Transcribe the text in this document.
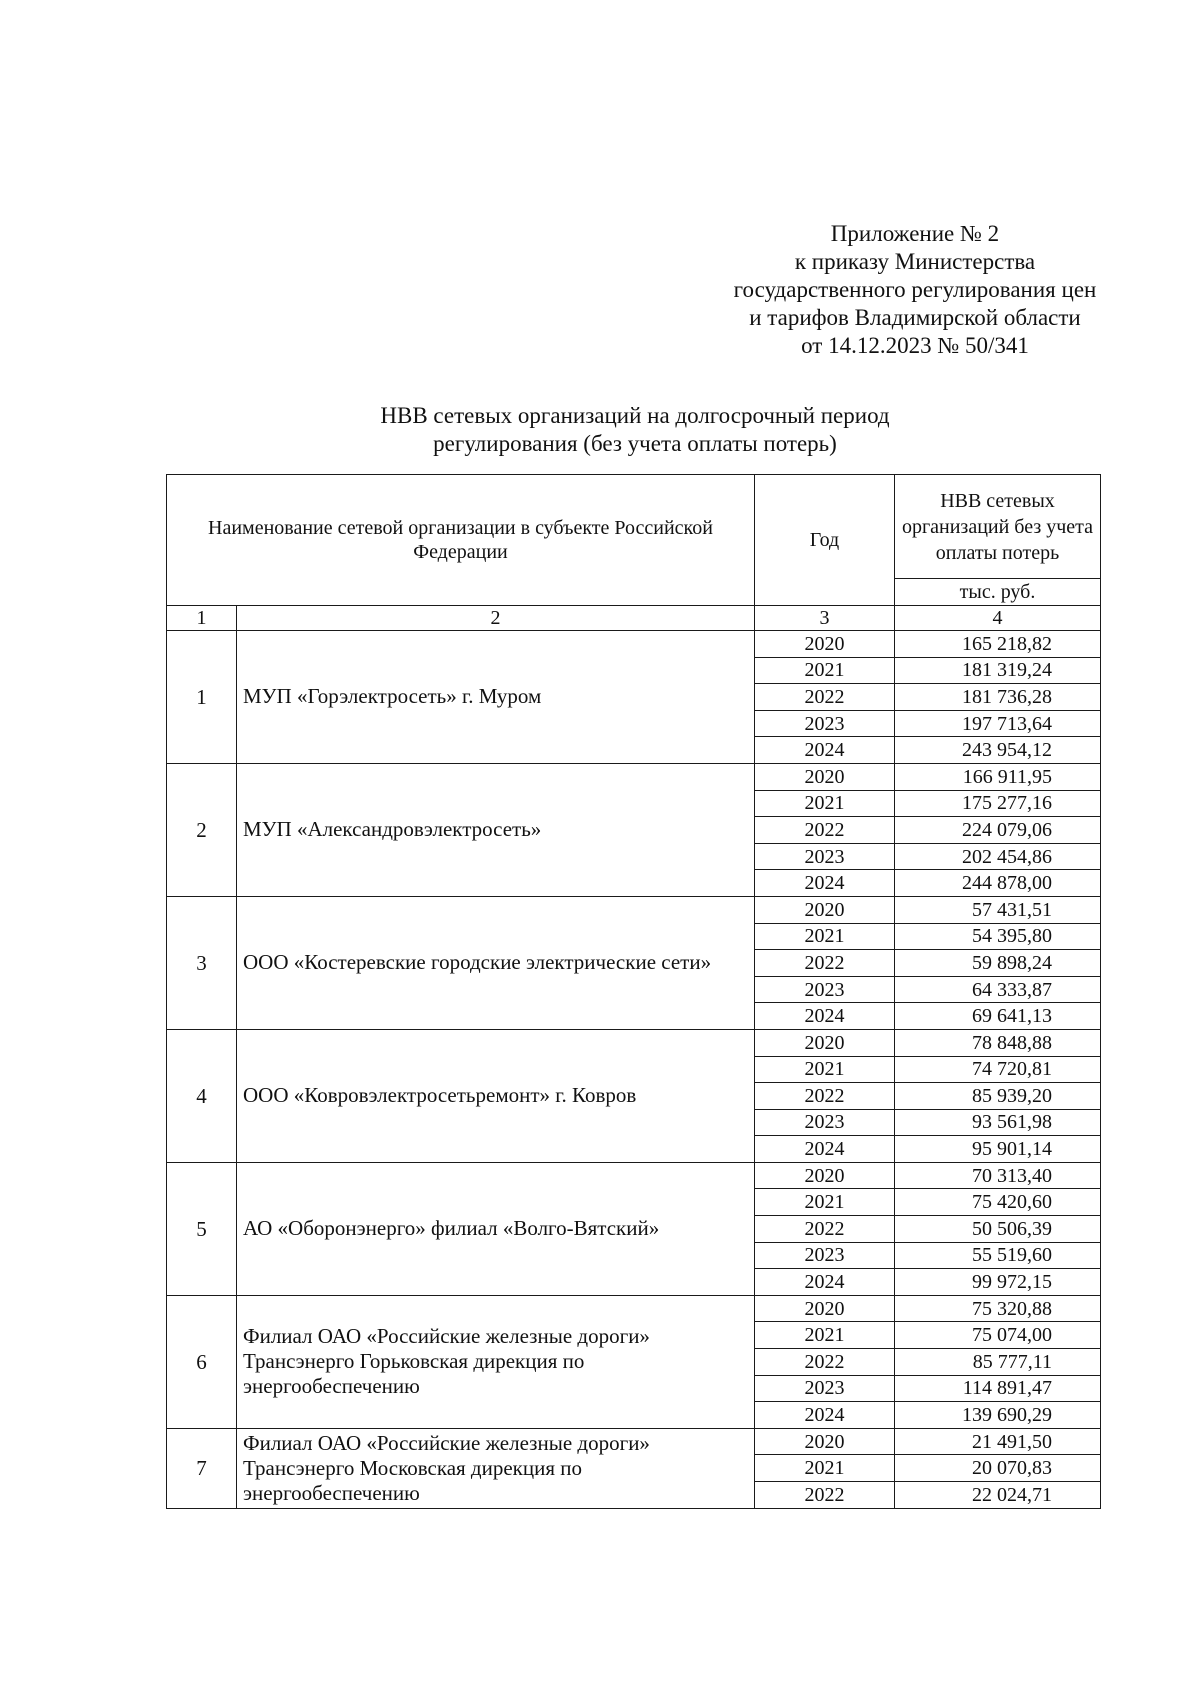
Приложение № 2
к приказу Министерства
государственного регулирования цен
и тарифов Владимирской области
от 14.12.2023 № 50/341
НВВ сетевых организаций на долгосрочный период
регулирования (без учета оплаты потерь)
Наименование сетевой организации в субъекте Российской Федерации		Год	НВВ сетевых организаций без учета оплаты потерь
			тыс. руб.
1	2	3	4
1	МУП «Горэлектросеть» г. Муром	2020	165 218,82
		2021	181 319,24
		2022	181 736,28
		2023	197 713,64
		2024	243 954,12
2	МУП «Александровэлектросеть»	2020	166 911,95
		2021	175 277,16
		2022	224 079,06
		2023	202 454,86
		2024	244 878,00
3	ООО «Костеревские городские электрические сети»	2020	57 431,51
		2021	54 395,80
		2022	59 898,24
		2023	64 333,87
		2024	69 641,13
4	ООО «Ковровэлектросетьремонт» г. Ковров	2020	78 848,88
		2021	74 720,81
		2022	85 939,20
		2023	93 561,98
		2024	95 901,14
5	АО «Оборонэнерго» филиал «Волго-Вятский»	2020	70 313,40
		2021	75 420,60
		2022	50 506,39
		2023	55 519,60
		2024	99 972,15
6	Филиал ОАО «Российские железные дороги» Трансэнерго Горьковская дирекция по энергообеспечению	2020	75 320,88
		2021	75 074,00
		2022	85 777,11
		2023	114 891,47
		2024	139 690,29
7	Филиал ОАО «Российские железные дороги» Трансэнерго Московская дирекция по энергообеспечению	2020	21 491,50
		2021	20 070,83
		2022	22 024,71
